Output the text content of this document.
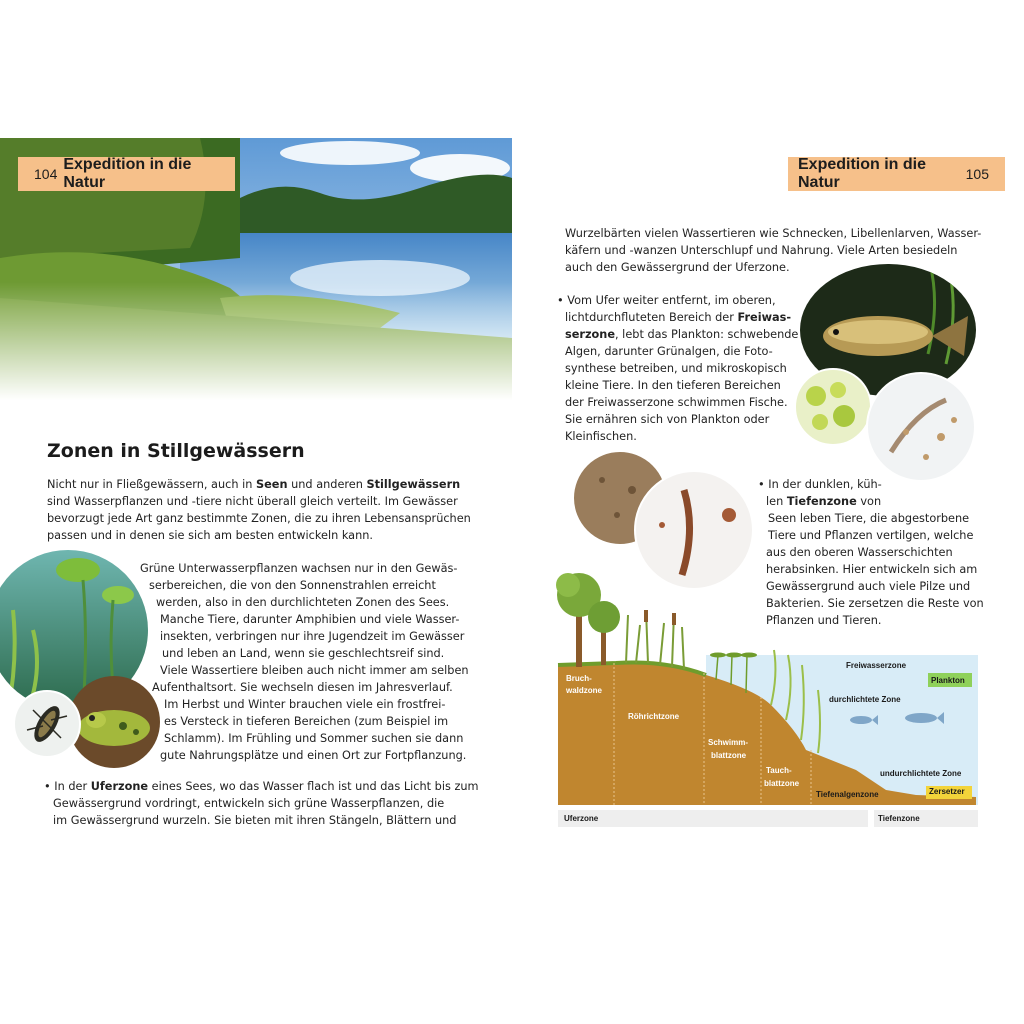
104
Expedition in die Natur
Zonen in Stillgewässern
Nicht nur in Fließgewässern, auch in Seen und anderen Stillgewässern
sind Wasserpflanzen und -tiere nicht überall gleich verteilt. Im Gewässer
bevorzugt jede Art ganz bestimmte Zonen, die zu ihren Lebensansprüchen
passen und in denen sie sich am besten entwickeln kann.
Grüne Unterwasserpflanzen wachsen nur in den Gewäs-
serbereichen, die von den Sonnenstrahlen erreicht
werden, also in den durchlichteten Zonen des Sees.
Manche Tiere, darunter Amphibien und viele Wasser-
insekten, verbringen nur ihre Jugendzeit im Gewässer
und leben an Land, wenn sie geschlechtsreif sind.
Viele Wassertiere bleiben auch nicht immer am selben
Aufenthaltsort. Sie wechseln diesen im Jahresverlauf.
Im Herbst und Winter brauchen viele ein frostfrei-
es Versteck in tieferen Bereichen (zum Beispiel im
Schlamm). Im Frühling und Sommer suchen sie dann
gute Nahrungsplätze und einen Ort zur Fortpflanzung.
• In der Uferzone eines Sees, wo das Wasser flach ist und das Licht bis zum
Gewässergrund vordringt, entwickeln sich grüne Wasserpflanzen, die
im Gewässergrund wurzeln. Sie bieten mit ihren Stängeln, Blättern und
Expedition in die Natur	105
Wurzelbärten vielen Wassertieren wie Schnecken, Libellenlarven, Wasser-
käfern und -wanzen Unterschlupf und Nahrung. Viele Arten besiedeln
auch den Gewässergrund der Uferzone.
• Vom Ufer weiter entfernt, im oberen,
lichtdurchfluteten Bereich der Freiwas-
serzone, lebt das Plankton: schwebende
Algen, darunter Grünalgen, die Foto-
synthese betreiben, und mikroskopisch
kleine Tiere. In den tieferen Bereichen
der Freiwasserzone schwimmen Fische.
Sie ernähren sich von Plankton oder
Kleinfischen.
• In der dunklen, küh-
len Tiefenzone von
Seen leben Tiere, die abgestorbene
Tiere und Pflanzen vertilgen, welche
aus den oberen Wasserschichten
herabsinken. Hier entwickeln sich am
Gewässergrund auch viele Pilze und
Bakterien. Sie zersetzen die Reste von
Pflanzen und Tieren.
Bruch-
waldzone
Röhrichtzone
Schwimm-
blattzone
Tauch-
blattzone
Tiefenalgenzone
Freiwasserzone
durchlichtete Zone
undurchlichtete Zone
Plankton
Zersetzer
Uferzone	Tiefenzone
